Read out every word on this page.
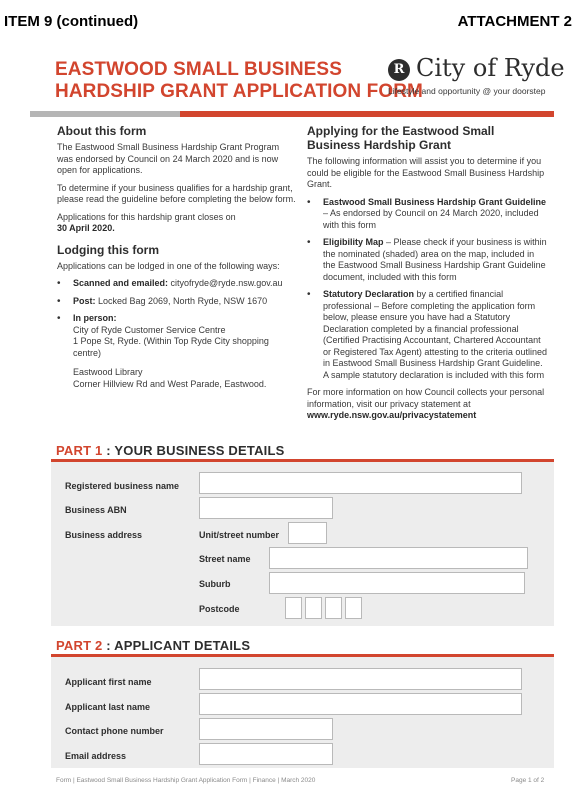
ITEM 9 (continued)	ATTACHMENT 2
EASTWOOD SMALL BUSINESS
HARDSHIP GRANT APPLICATION FORM
R City of Ryde
Lifestyle and opportunity @ your doorstep
About this form
The Eastwood Small Business Hardship Grant Program was endorsed by Council on 24 March 2020 and is now open for applications.
To determine if your business qualifies for a hardship grant, please read the guideline before completing the below form.
Applications for this hardship grant closes on
30 April 2020.
Lodging this form
Applications can be lodged in one of the following ways:
• Scanned and emailed: cityofryde@ryde.nsw.gov.au
• Post: Locked Bag 2069, North Ryde, NSW 1670
• In person:
City of Ryde Customer Service Centre
1 Pope St, Ryde. (Within Top Ryde City shopping centre)
Eastwood Library
Corner Hillview Rd and West Parade, Eastwood.
Applying for the Eastwood Small Business Hardship Grant
The following information will assist you to determine if you could be eligible for the Eastwood Small Business Hardship Grant.
• Eastwood Small Business Hardship Grant Guideline – As endorsed by Council on 24 March 2020, included with this form
• Eligibility Map – Please check if your business is within the nominated (shaded) area on the map, included in the Eastwood Small Business Hardship Grant Guideline document, included with this form
• Statutory Declaration by a certified financial professional – Before completing the application form below, please ensure you have had a Statutory Declaration completed by a financial professional (Certified Practising Accountant, Chartered Accountant or Registered Tax Agent) attesting to the criteria outlined in Eastwood Small Business Hardship Grant Guideline. A sample statutory declaration is included with this form
For more information on how Council collects your personal information, visit our privacy statement at
www.ryde.nsw.gov.au/privacystatement
PART 1 : YOUR BUSINESS DETAILS
Registered business name
Business ABN
Business address	Unit/street number
Street name
Suburb
Postcode
PART 2 : APPLICANT DETAILS
Applicant first name
Applicant last name
Contact phone number
Email address
Form | Eastwood Small Business Hardship Grant Application Form | Finance | March 2020	Page 1 of 2
